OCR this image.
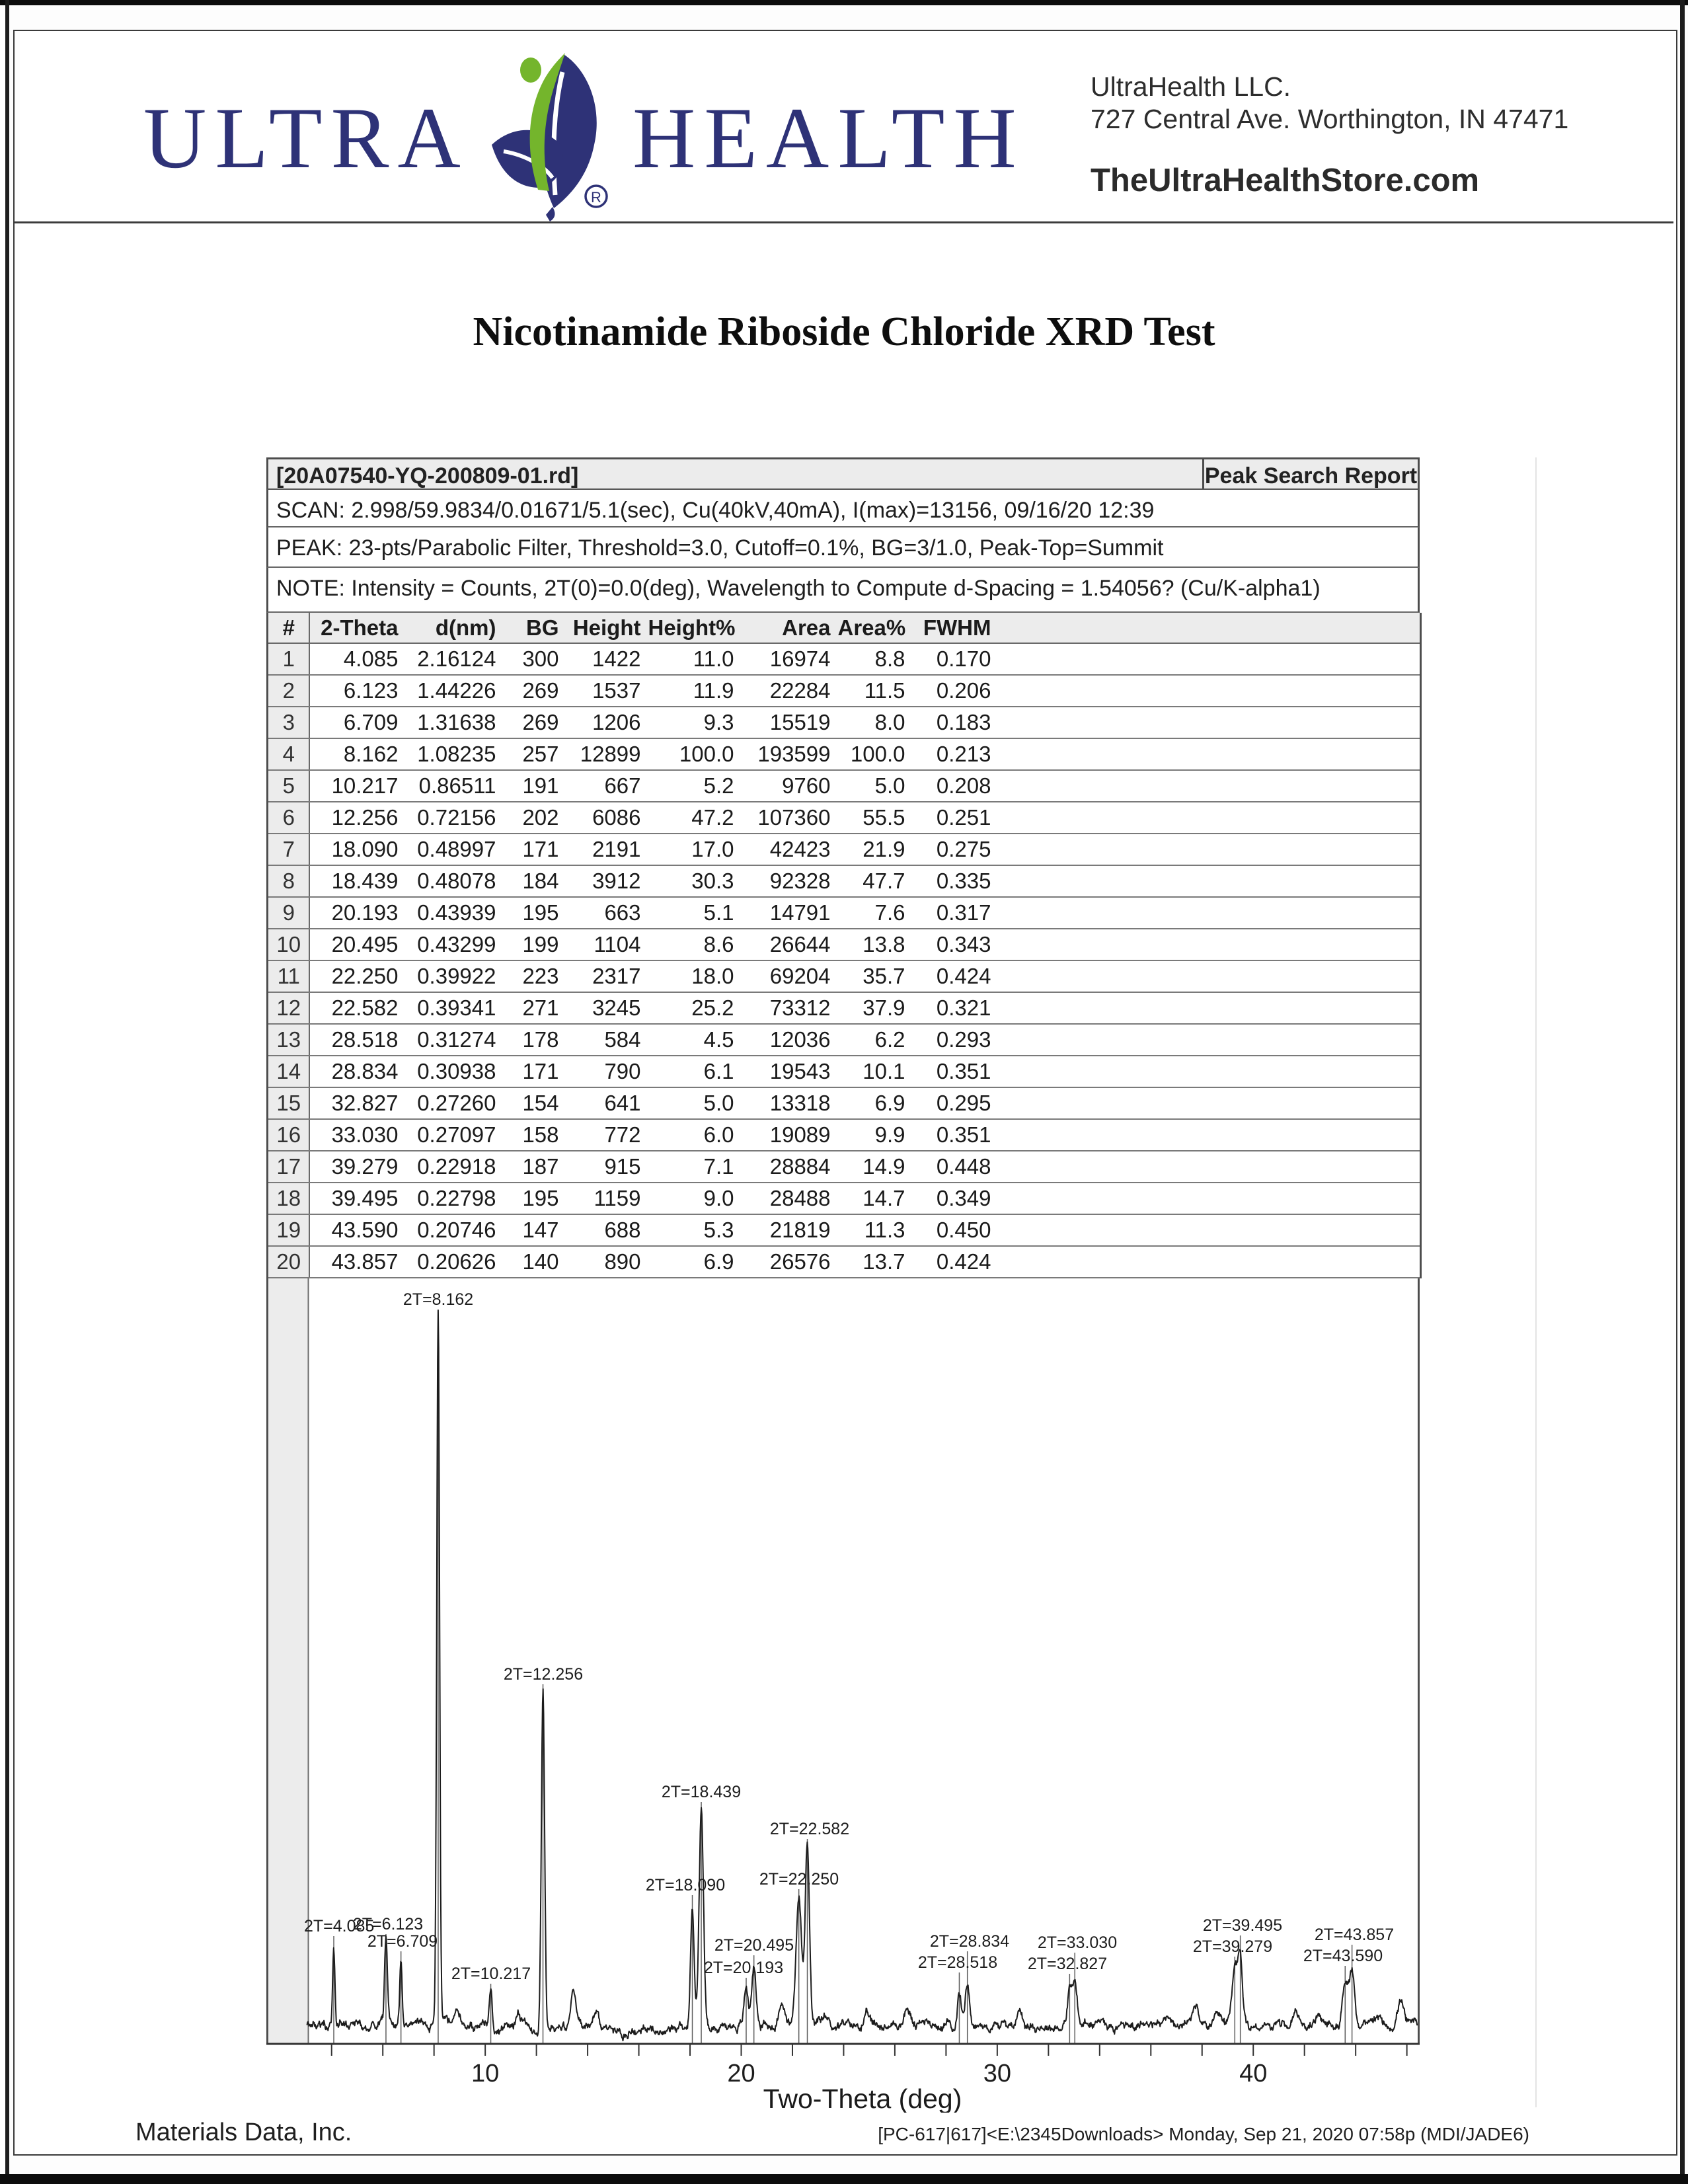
ULTRA
R
HEALTH
UltraHealth LLC.
727 Central Ave. Worthington, IN 47471
TheUltraHealthStore.com
Nicotinamide Riboside Chloride XRD Test
[20A07540-YQ-200809-01.rd]	Peak Search Report
SCAN: 2.998/59.9834/0.01671/5.1(sec), Cu(40kV,40mA), I(max)=13156, 09/16/20 12:39
PEAK: 23-pts/Parabolic Filter, Threshold=3.0, Cutoff=0.1%, BG=3/1.0, Peak-Top=Summit
NOTE: Intensity = Counts, 2T(0)=0.0(deg), Wavelength to Compute d-Spacing = 1.54056? (Cu/K-alpha1)
#	2-Theta	d(nm)	BG	Height	Height%	Area	Area%	FWHM	
1	4.085	2.16124	300	1422	11.0	16974	8.8	0.170	
2	6.123	1.44226	269	1537	11.9	22284	11.5	0.206	
3	6.709	1.31638	269	1206	9.3	15519	8.0	0.183	
4	8.162	1.08235	257	12899	100.0	193599	100.0	0.213	
5	10.217	0.86511	191	667	5.2	9760	5.0	0.208	
6	12.256	0.72156	202	6086	47.2	107360	55.5	0.251	
7	18.090	0.48997	171	2191	17.0	42423	21.9	0.275	
8	18.439	0.48078	184	3912	30.3	92328	47.7	0.335	
9	20.193	0.43939	195	663	5.1	14791	7.6	0.317	
10	20.495	0.43299	199	1104	8.6	26644	13.8	0.343	
11	22.250	0.39922	223	2317	18.0	69204	35.7	0.424	
12	22.582	0.39341	271	3245	25.2	73312	37.9	0.321	
13	28.518	0.31274	178	584	4.5	12036	6.2	0.293	
14	28.834	0.30938	171	790	6.1	19543	10.1	0.351	
15	32.827	0.27260	154	641	5.0	13318	6.9	0.295	
16	33.030	0.27097	158	772	6.0	19089	9.9	0.351	
17	39.279	0.22918	187	915	7.1	28884	14.9	0.448	
18	39.495	0.22798	195	1159	9.0	28488	14.7	0.349	
19	43.590	0.20746	147	688	5.3	21819	11.3	0.450	
20	43.857	0.20626	140	890	6.9	26576	13.7	0.424	
2T=4.085
2T=6.123
2T=6.709
2T=8.162
2T=10.217
2T=12.256
2T=18.090
2T=18.439
2T=20.193
2T=20.495
2T=22.250
2T=22.582
2T=28.518
2T=28.834
2T=32.827
2T=33.030	2T=39.279
2T=39.495
2T=43.590
2T=43.857
10	20	30	40
Two-Theta (deg)
Materials Data, Inc.	[PC-617|617]<E:\2345Downloads> Monday, Sep 21, 2020 07:58p (MDI/JADE6)
